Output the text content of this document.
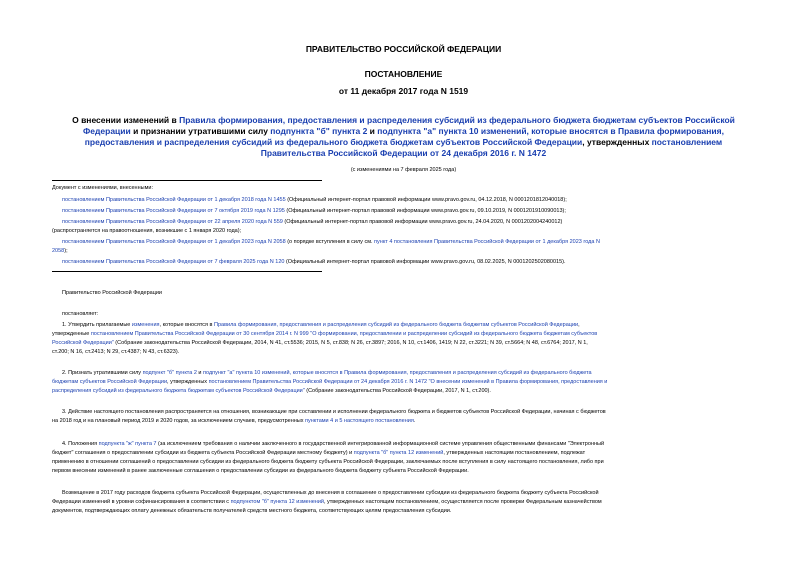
ПРАВИТЕЛЬСТВО РОССИЙСКОЙ ФЕДЕРАЦИИ
ПОСТАНОВЛЕНИЕ
от 11 декабря 2017 года N 1519
О внесении изменений в Правила формирования, предоставления и распределения субсидий из федерального бюджета бюджетам субъектов Российской
Федерации и признании утратившими силу подпункта "б" пункта 2 и подпункта "а" пункта 10 изменений, которые вносятся в Правила формирования,
предоставления и распределения субсидий из федерального бюджета бюджетам субъектов Российской Федерации, утвержденных постановлением
Правительства Российской Федерации от 24 декабря 2016 г. N 1472
(с изменениями на 7 февраля 2025 года)
Документ с изменениями, внесенными:
постановлением Правительства Российской Федерации от 1 декабря 2018 года N 1455 (Официальный интернет-портал правовой информации www.pravo.gov.ru, 04.12.2018, N 0001201812040018);
постановлением Правительства Российской Федерации от 7 октября 2019 года N 1295 (Официальный интернет-портал правовой информации www.pravo.gov.ru, 09.10.2019, N 0001201910090013);
постановлением Правительства Российской Федерации от 22 апреля 2020 года N 559 (Официальный интернет-портал правовой информации www.pravo.gov.ru, 24.04.2020, N 0001202004240012)
(распространяется на правоотношения, возникшие с 1 января 2020 года);
постановлением Правительства Российской Федерации от 1 декабря 2023 года N 2058 (о порядке вступления в силу см. пункт 4 постановления Правительства Российской Федерации от 1 декабря 2023 года N
2058);
постановлением Правительства Российской Федерации от 7 февраля 2025 года N 120 (Официальный интернет-портал правовой информации www.pravo.gov.ru, 08.02.2025, N 0001202502080015).
Правительство Российской Федерации
постановляет:
1. Утвердить прилагаемые изменения, которые вносятся в Правила формирования, предоставления и распределения субсидий из федерального бюджета бюджетам субъектов Российской Федерации,
утвержденные постановлением Правительства Российской Федерации от 30 сентября 2014 г. N 999 "О формировании, предоставлении и распределении субсидий из федерального бюджета бюджетам субъектов
Российской Федерации" (Собрание законодательства Российской Федерации, 2014, N 41, ст.5536; 2015, N 5, ст.838; N 26, ст.3897; 2016, N 10, ст.1406, 1419; N 22, ст.3221; N 39, ст.5664; N 48, ст.6764; 2017, N 1,
ст.200; N 16, ст.2413; N 29, ст.4387; N 43, ст.6323).
2. Признать утратившими силу подпункт "б" пункта 2 и подпункт "а" пункта 10 изменений, которые вносятся в Правила формирования, предоставления и распределения субсидий из федерального бюджета
бюджетам субъектов Российской Федерации, утвержденных постановлением Правительства Российской Федерации от 24 декабря 2016 г. N 1472 "О внесении изменений в Правила формирования, предоставления и
распределения субсидий из федерального бюджета бюджетам субъектов Российской Федерации" (Собрание законодательства Российской Федерации, 2017, N 1, ст.200).
3. Действие настоящего постановления распространяется на отношения, возникающие при составлении и исполнении федерального бюджета и бюджетов субъектов Российской Федерации, начиная с бюджетов
на 2018 год и на плановый период 2019 и 2020 годов, за исключением случаев, предусмотренных пунктами 4 и 5 настоящего постановления.
4. Положения подпункта "ж" пункта 7 (за исключением требования о наличии заключенного в государственной интегрированной информационной системе управления общественными финансами "Электронный
бюджет" соглашения о предоставлении субсидии из бюджета субъекта Российской Федерации местному бюджету) и подпункта "б" пункта 12 изменений, утвержденных настоящим постановлением, подлежат
применению в отношении соглашений о предоставлении субсидии из федерального бюджета бюджету субъекта Российской Федерации, заключаемых после вступления в силу настоящего постановления, либо при
первом внесении изменений в ранее заключенные соглашения о предоставлении субсидии из федерального бюджета бюджету субъекта Российской Федерации.
Возмещение в 2017 году расходов бюджета субъекта Российской Федерации, осуществленных до внесения в соглашение о предоставлении субсидии из федерального бюджета бюджету субъекта Российской
Федерации изменений в уровни софинансирования в соответствии с подпунктом "б" пункта 12 изменений, утвержденных настоящим постановлением, осуществляется после проверки Федеральным казначейством
документов, подтверждающих оплату денежных обязательств получателей средств местного бюджета, соответствующих целям предоставления субсидии.
